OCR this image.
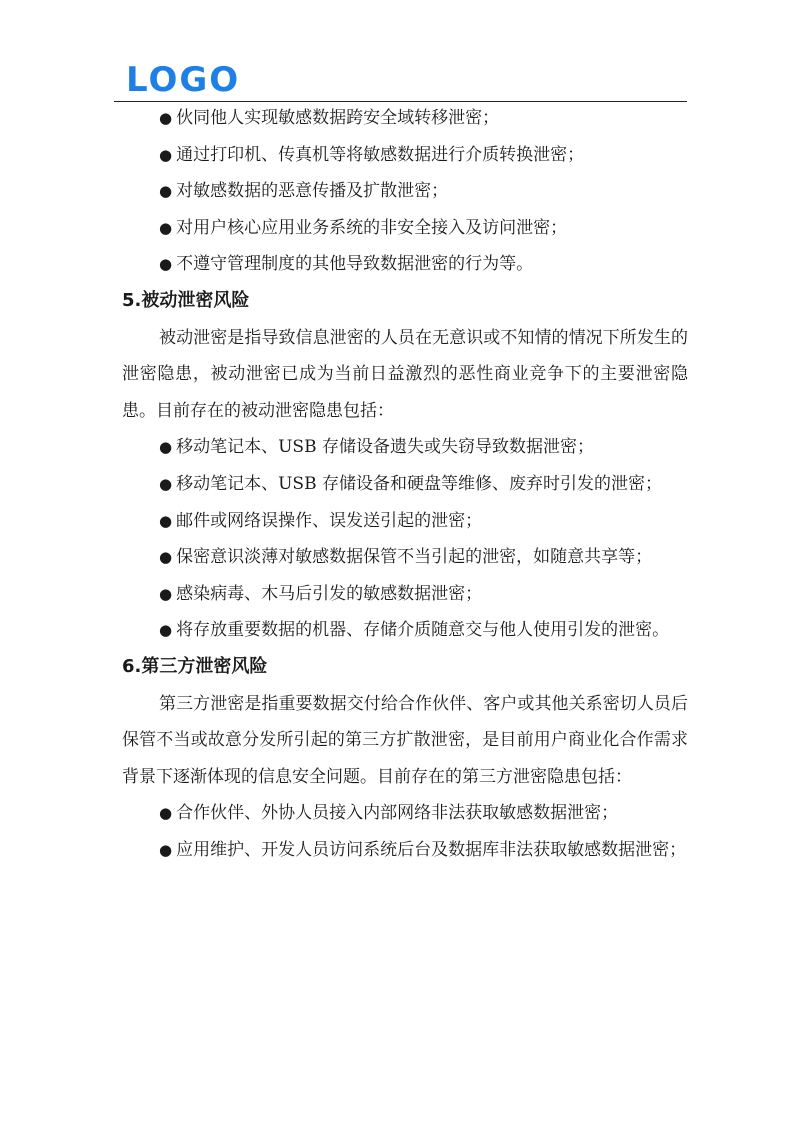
LOGO

● 伙同他人实现敏感数据跨安全域转移泄密；

● 通过打印机、传真机等将敏感数据进行介质转换泄密；

● 对敏感数据的恶意传播及扩散泄密；

● 对用户核心应用业务系统的非安全接入及访问泄密；

● 不遵守管理制度的其他导致数据泄密的行为等。

5.被动泄密风险

被动泄密是指导致信息泄密的人员在无意识或不知情的情况下所发生的泄密隐患，被动泄密已成为当前日益激烈的恶性商业竞争下的主要泄密隐患。目前存在的被动泄密隐患包括：

● 移动笔记本、USB 存储设备遗失或失窃导致数据泄密；

● 移动笔记本、USB 存储设备和硬盘等维修、废弃时引发的泄密；

● 邮件或网络误操作、误发送引起的泄密；

● 保密意识淡薄对敏感数据保管不当引起的泄密，如随意共享等；

● 感染病毒、木马后引发的敏感数据泄密；

● 将存放重要数据的机器、存储介质随意交与他人使用引发的泄密。

6.第三方泄密风险

第三方泄密是指重要数据交付给合作伙伴、客户或其他关系密切人员后保管不当或故意分发所引起的第三方扩散泄密，是目前用户商业化合作需求背景下逐渐体现的信息安全问题。目前存在的第三方泄密隐患包括：

● 合作伙伴、外协人员接入内部网络非法获取敏感数据泄密；

● 应用维护、开发人员访问系统后台及数据库非法获取敏感数据泄密；
